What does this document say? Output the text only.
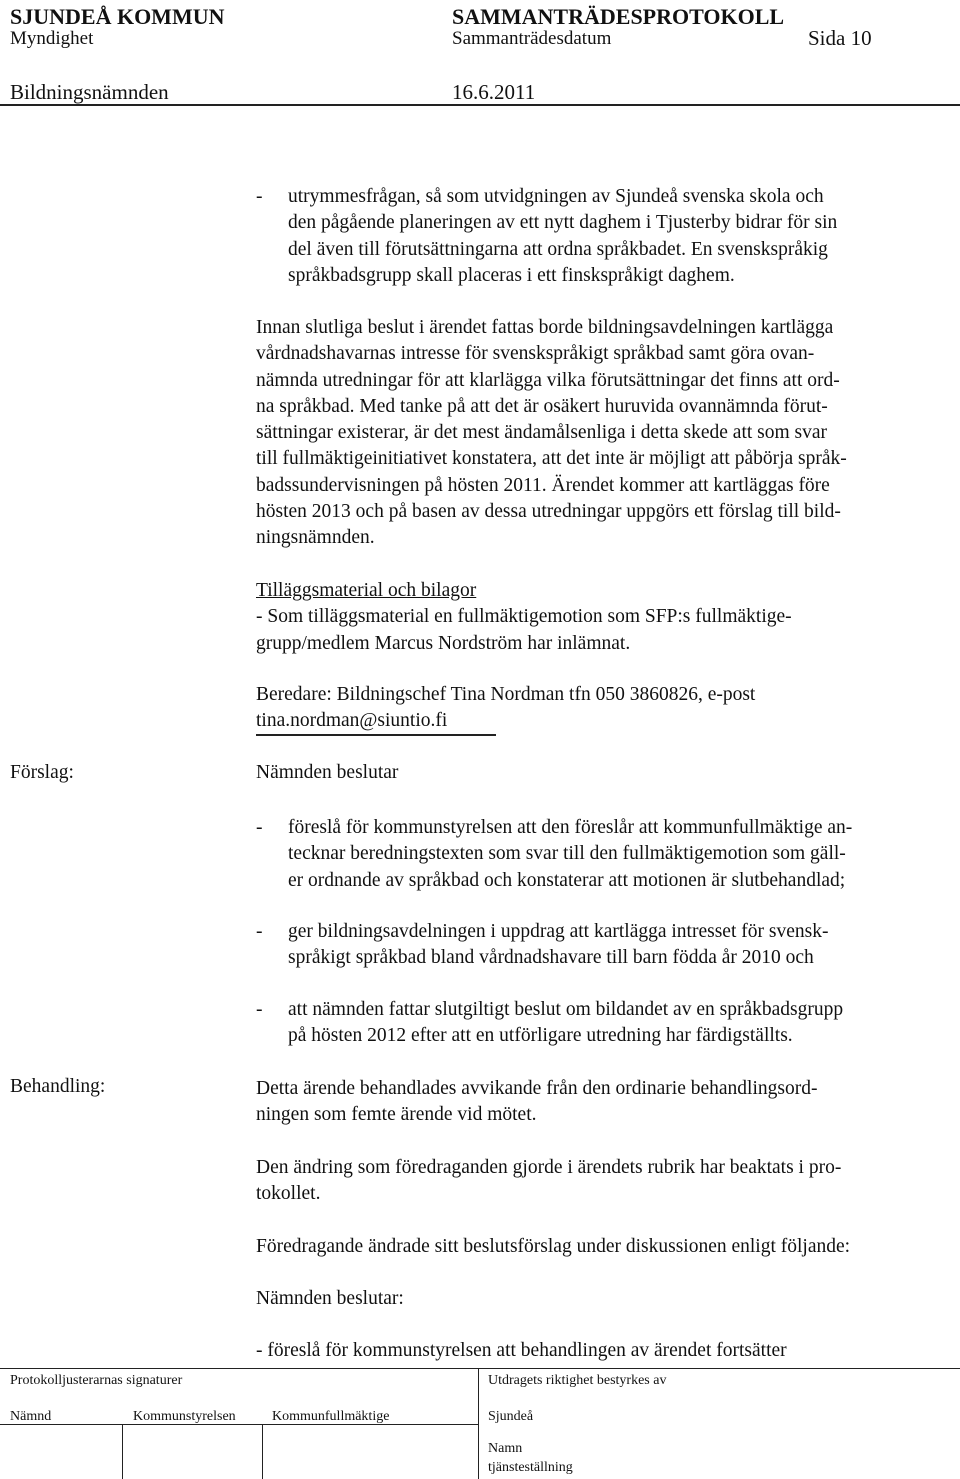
SJUNDEÅ KOMMUN	SAMMANTRÄDESPROTOKOLL
Myndighet	Sammanträdesdatum	Sida 10
Bildningsnämnden	16.6.2011
- utrymmesfrågan, så som utvidgningen av Sjundeå svenska skola och
den pågående planeringen av ett nytt daghem i Tjusterby bidrar för sin
del även till förutsättningarna att ordna språkbadet. En svenskspråkig
språkbadsgrupp skall placeras i ett finskspråkigt daghem.
Innan slutliga beslut i ärendet fattas borde bildningsavdelningen kartlägga
vårdnadshavarnas intresse för svenskspråkigt språkbad samt göra ovan-
nämnda utredningar för att klarlägga vilka förutsättningar det finns att ord-
na språkbad. Med tanke på att det är osäkert huruvida ovannämnda förut-
sättningar existerar, är det mest ändamålsenliga i detta skede att som svar
till fullmäktigeinitiativet konstatera, att det inte är möjligt att påbörja språk-
badssundervisningen på hösten 2011. Ärendet kommer att kartläggas före
hösten 2013 och på basen av dessa utredningar uppgörs ett förslag till bild-
ningsnämnden.
Tilläggsmaterial och bilagor
- Som tilläggsmaterial en fullmäktigemotion som SFP:s fullmäktige-
grupp/medlem Marcus Nordström har inlämnat.
Beredare: Bildningschef Tina Nordman tfn 050 3860826, e-post
tina.nordman@siuntio.fi
Förslag:	Nämnden beslutar
- föreslå för kommunstyrelsen att den föreslår att kommunfullmäktige an-
tecknar beredningstexten som svar till den fullmäktigemotion som gäll-
er ordnande av språkbad och konstaterar att motionen är slutbehandlad;
- ger bildningsavdelningen i uppdrag att kartlägga intresset för svensk-
språkigt språkbad bland vårdnadshavare till barn födda år 2010 och
- att nämnden fattar slutgiltigt beslut om bildandet av en språkbadsgrupp
på hösten 2012 efter att en utförligare utredning har färdigställts.
Behandling:	Detta ärende behandlades avvikande från den ordinarie behandlingsord-
ningen som femte ärende vid mötet.
Den ändring som föredraganden gjorde i ärendets rubrik har beaktats i pro-
tokollet.
Föredragande ändrade sitt beslutsförslag under diskussionen enligt följande:
Nämnden beslutar:
- föreslå för kommunstyrelsen att behandlingen av ärendet fortsätter
Protokolljusterarnas signaturer	Utdragets riktighet bestyrkes av
Nämnd	Kommunstyrelsen	Kommunfullmäktige	Sjundeå
Namn
tjänsteställning
